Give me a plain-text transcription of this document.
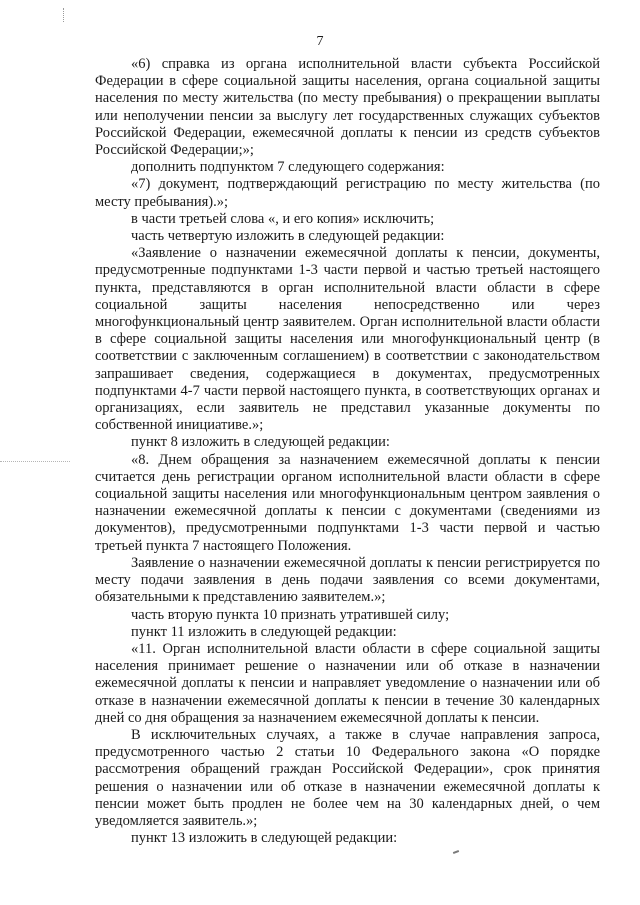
7

«6) справка из органа исполнительной власти субъекта Российской Федерации в сфере социальной защиты населения, органа социальной защиты населения по месту жительства (по месту пребывания) о прекращении выплаты или неполучении пенсии за выслугу лет государственных служащих субъектов Российской Федерации, ежемесячной доплаты к пенсии из средств субъектов Российской Федерации;»;

дополнить подпунктом 7 следующего содержания:

«7) документ, подтверждающий регистрацию по месту жительства (по месту пребывания).»;

в части третьей слова «, и его копия» исключить;

часть четвертую изложить в следующей редакции:

«Заявление о назначении ежемесячной доплаты к пенсии, документы, предусмотренные подпунктами 1-3 части первой и частью третьей настоящего пункта, представляются в орган исполнительной власти области в сфере социальной защиты населения непосредственно или через многофункциональный центр заявителем. Орган исполнительной власти области в сфере социальной защиты населения или многофункциональный центр (в соответствии с заключенным соглашением) в соответствии с законодательством запрашивает сведения, содержащиеся в документах, предусмотренных подпунктами 4-7 части первой настоящего пункта, в соответствующих органах и организациях, если заявитель не представил указанные документы по собственной инициативе.»;

пункт 8 изложить в следующей редакции:

«8. Днем обращения за назначением ежемесячной доплаты к пенсии считается день регистрации органом исполнительной власти области в сфере социальной защиты населения или многофункциональным центром заявления о назначении ежемесячной доплаты к пенсии с документами (сведениями из документов), предусмотренными подпунктами 1-3 части первой и частью третьей пункта 7 настоящего Положения.

Заявление о назначении ежемесячной доплаты к пенсии регистрируется по месту подачи заявления в день подачи заявления со всеми документами, обязательными к представлению заявителем.»;

часть вторую пункта 10 признать утратившей силу;

пункт 11 изложить в следующей редакции:

«11. Орган исполнительной власти области в сфере социальной защиты населения принимает решение о назначении или об отказе в назначении ежемесячной доплаты к пенсии и направляет уведомление о назначении или об отказе в назначении ежемесячной доплаты к пенсии в течение 30 календарных дней со дня обращения за назначением ежемесячной доплаты к пенсии.

В исключительных случаях, а также в случае направления запроса, предусмотренного частью 2 статьи 10 Федерального закона «О порядке рассмотрения обращений граждан Российской Федерации», срок принятия решения о назначении или об отказе в назначении ежемесячной доплаты к пенсии может быть продлен не более чем на 30 календарных дней, о чем уведомляется заявитель.»;

пункт 13 изложить в следующей редакции:
